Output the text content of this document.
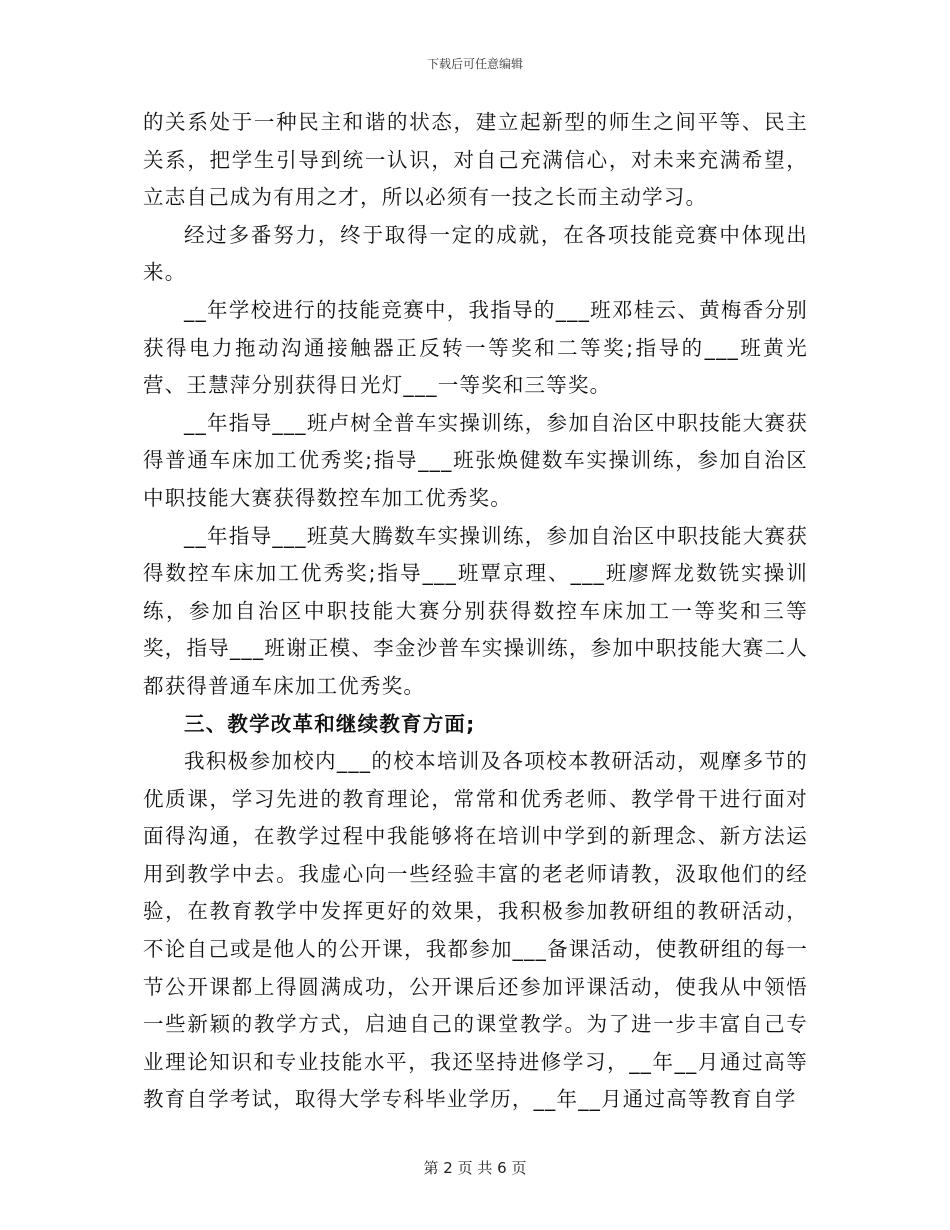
下载后可任意编辑

的关系处于一种民主和谐的状态，建立起新型的师生之间平等、民主关系，把学生引导到统一认识，对自己充满信心，对未来充满希望，立志自己成为有用之才，所以必须有一技之长而主动学习。

经过多番努力，终于取得一定的成就，在各项技能竞赛中体现出来。

__年学校进行的技能竞赛中，我指导的___班邓桂云、黄梅香分别获得电力拖动沟通接触器正反转一等奖和二等奖;指导的___班黄光营、王慧萍分别获得日光灯___一等奖和三等奖。

__年指导___班卢树全普车实操训练，参加自治区中职技能大赛获得普通车床加工优秀奖;指导___班张焕健数车实操训练，参加自治区中职技能大赛获得数控车加工优秀奖。

__年指导___班莫大腾数车实操训练，参加自治区中职技能大赛获得数控车床加工优秀奖;指导___班覃京理、___班廖辉龙数铣实操训练，参加自治区中职技能大赛分别获得数控车床加工一等奖和三等奖，指导___班谢正模、李金沙普车实操训练，参加中职技能大赛二人都获得普通车床加工优秀奖。

三、教学改革和继续教育方面;

我积极参加校内___的校本培训及各项校本教研活动，观摩多节的优质课，学习先进的教育理论，常常和优秀老师、教学骨干进行面对面得沟通，在教学过程中我能够将在培训中学到的新理念、新方法运用到教学中去。我虚心向一些经验丰富的老老师请教，汲取他们的经验，在教育教学中发挥更好的效果，我积极参加教研组的教研活动，不论自己或是他人的公开课，我都参加___备课活动，使教研组的每一节公开课都上得圆满成功，公开课后还参加评课活动，使我从中领悟一些新颖的教学方式，启迪自己的课堂教学。为了进一步丰富自己专业理论知识和专业技能水平，我还坚持进修学习，__年__月通过高等教育自学考试，取得大学专科毕业学历，__年__月通过高等教育自学

第 2 页 共 6 页
